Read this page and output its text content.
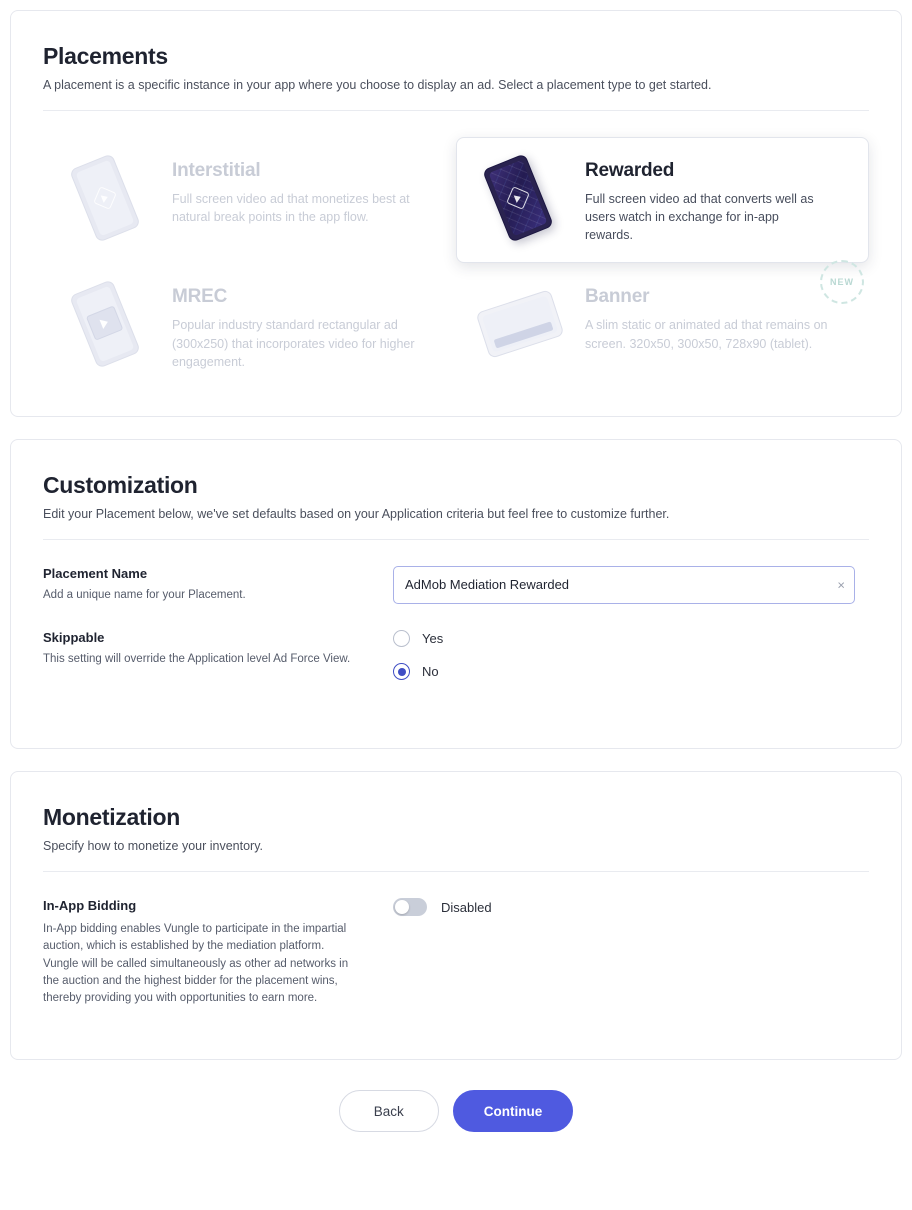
Placements

A placement is a specific instance in your app where you choose to display an ad. Select a placement type to get started.

Interstitial
Full screen video ad that monetizes best at natural break points in the app flow.
Rewarded
Full screen video ad that converts well as users watch in exchange for in-app rewards.
MREC
Popular industry standard rectangular ad (300x250) that incorporates video for higher engagement.
Banner
A slim static or animated ad that remains on screen. 320x50, 300x50, 728x90 (tablet).
NEW
Customization

Edit your Placement below, we've set defaults based on your Application criteria but feel free to customize further.

Placement Name
Add a unique name for your Placement.
AdMob Mediation Rewarded
×
Skippable
This setting will override the Application level Ad Force View.
Yes
No
Monetization

Specify how to monetize your inventory.

In-App Bidding
In-App bidding enables Vungle to participate in the impartial auction, which is established by the mediation platform. Vungle will be called simultaneously as other ad networks in the auction and the highest bidder for the placement wins, thereby providing you with opportunities to earn more.
Disabled
Back	Continue
